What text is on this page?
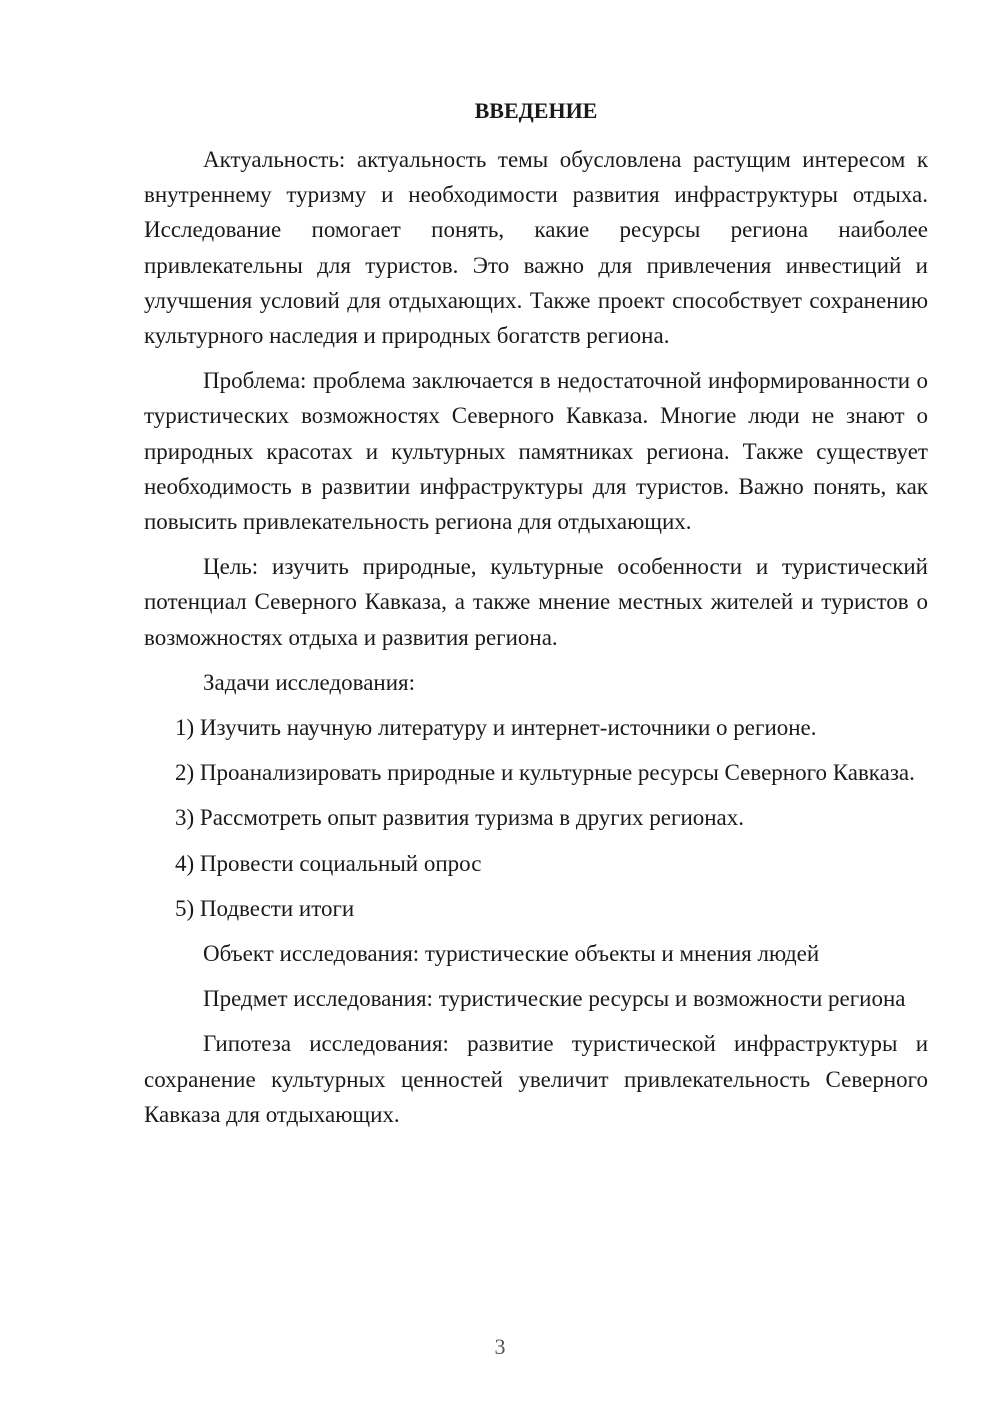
ВВЕДЕНИЕ

Актуальность: актуальность темы обусловлена растущим интересом к внутреннему туризму и необходимости развития инфраструктуры отдыха. Исследование помогает понять, какие ресурсы региона наиболее привлекательны для туристов. Это важно для привлечения инвестиций и улучшения условий для отдыхающих. Также проект способствует сохранению культурного наследия и природных богатств региона.

Проблема: проблема заключается в недостаточной информированности о туристических возможностях Северного Кавказа. Многие люди не знают о природных красотах и культурных памятниках региона. Также существует необходимость в развитии инфраструктуры для туристов. Важно понять, как повысить привлекательность региона для отдыхающих.

Цель: изучить природные, культурные особенности и туристический потенциал Северного Кавказа, а также мнение местных жителей и туристов о возможностях отдыха и развития региона.

Задачи исследования:

1) Изучить научную литературу и интернет-источники о регионе.

2) Проанализировать природные и культурные ресурсы Северного Кавказа.

3) Рассмотреть опыт развития туризма в других регионах.

4) Провести социальный опрос

5) Подвести итоги

Объект исследования: туристические объекты и мнения людей

Предмет исследования: туристические ресурсы и возможности региона

Гипотеза исследования: развитие туристической инфраструктуры и сохранение культурных ценностей увеличит привлекательность Северного Кавказа для отдыхающих.

3
